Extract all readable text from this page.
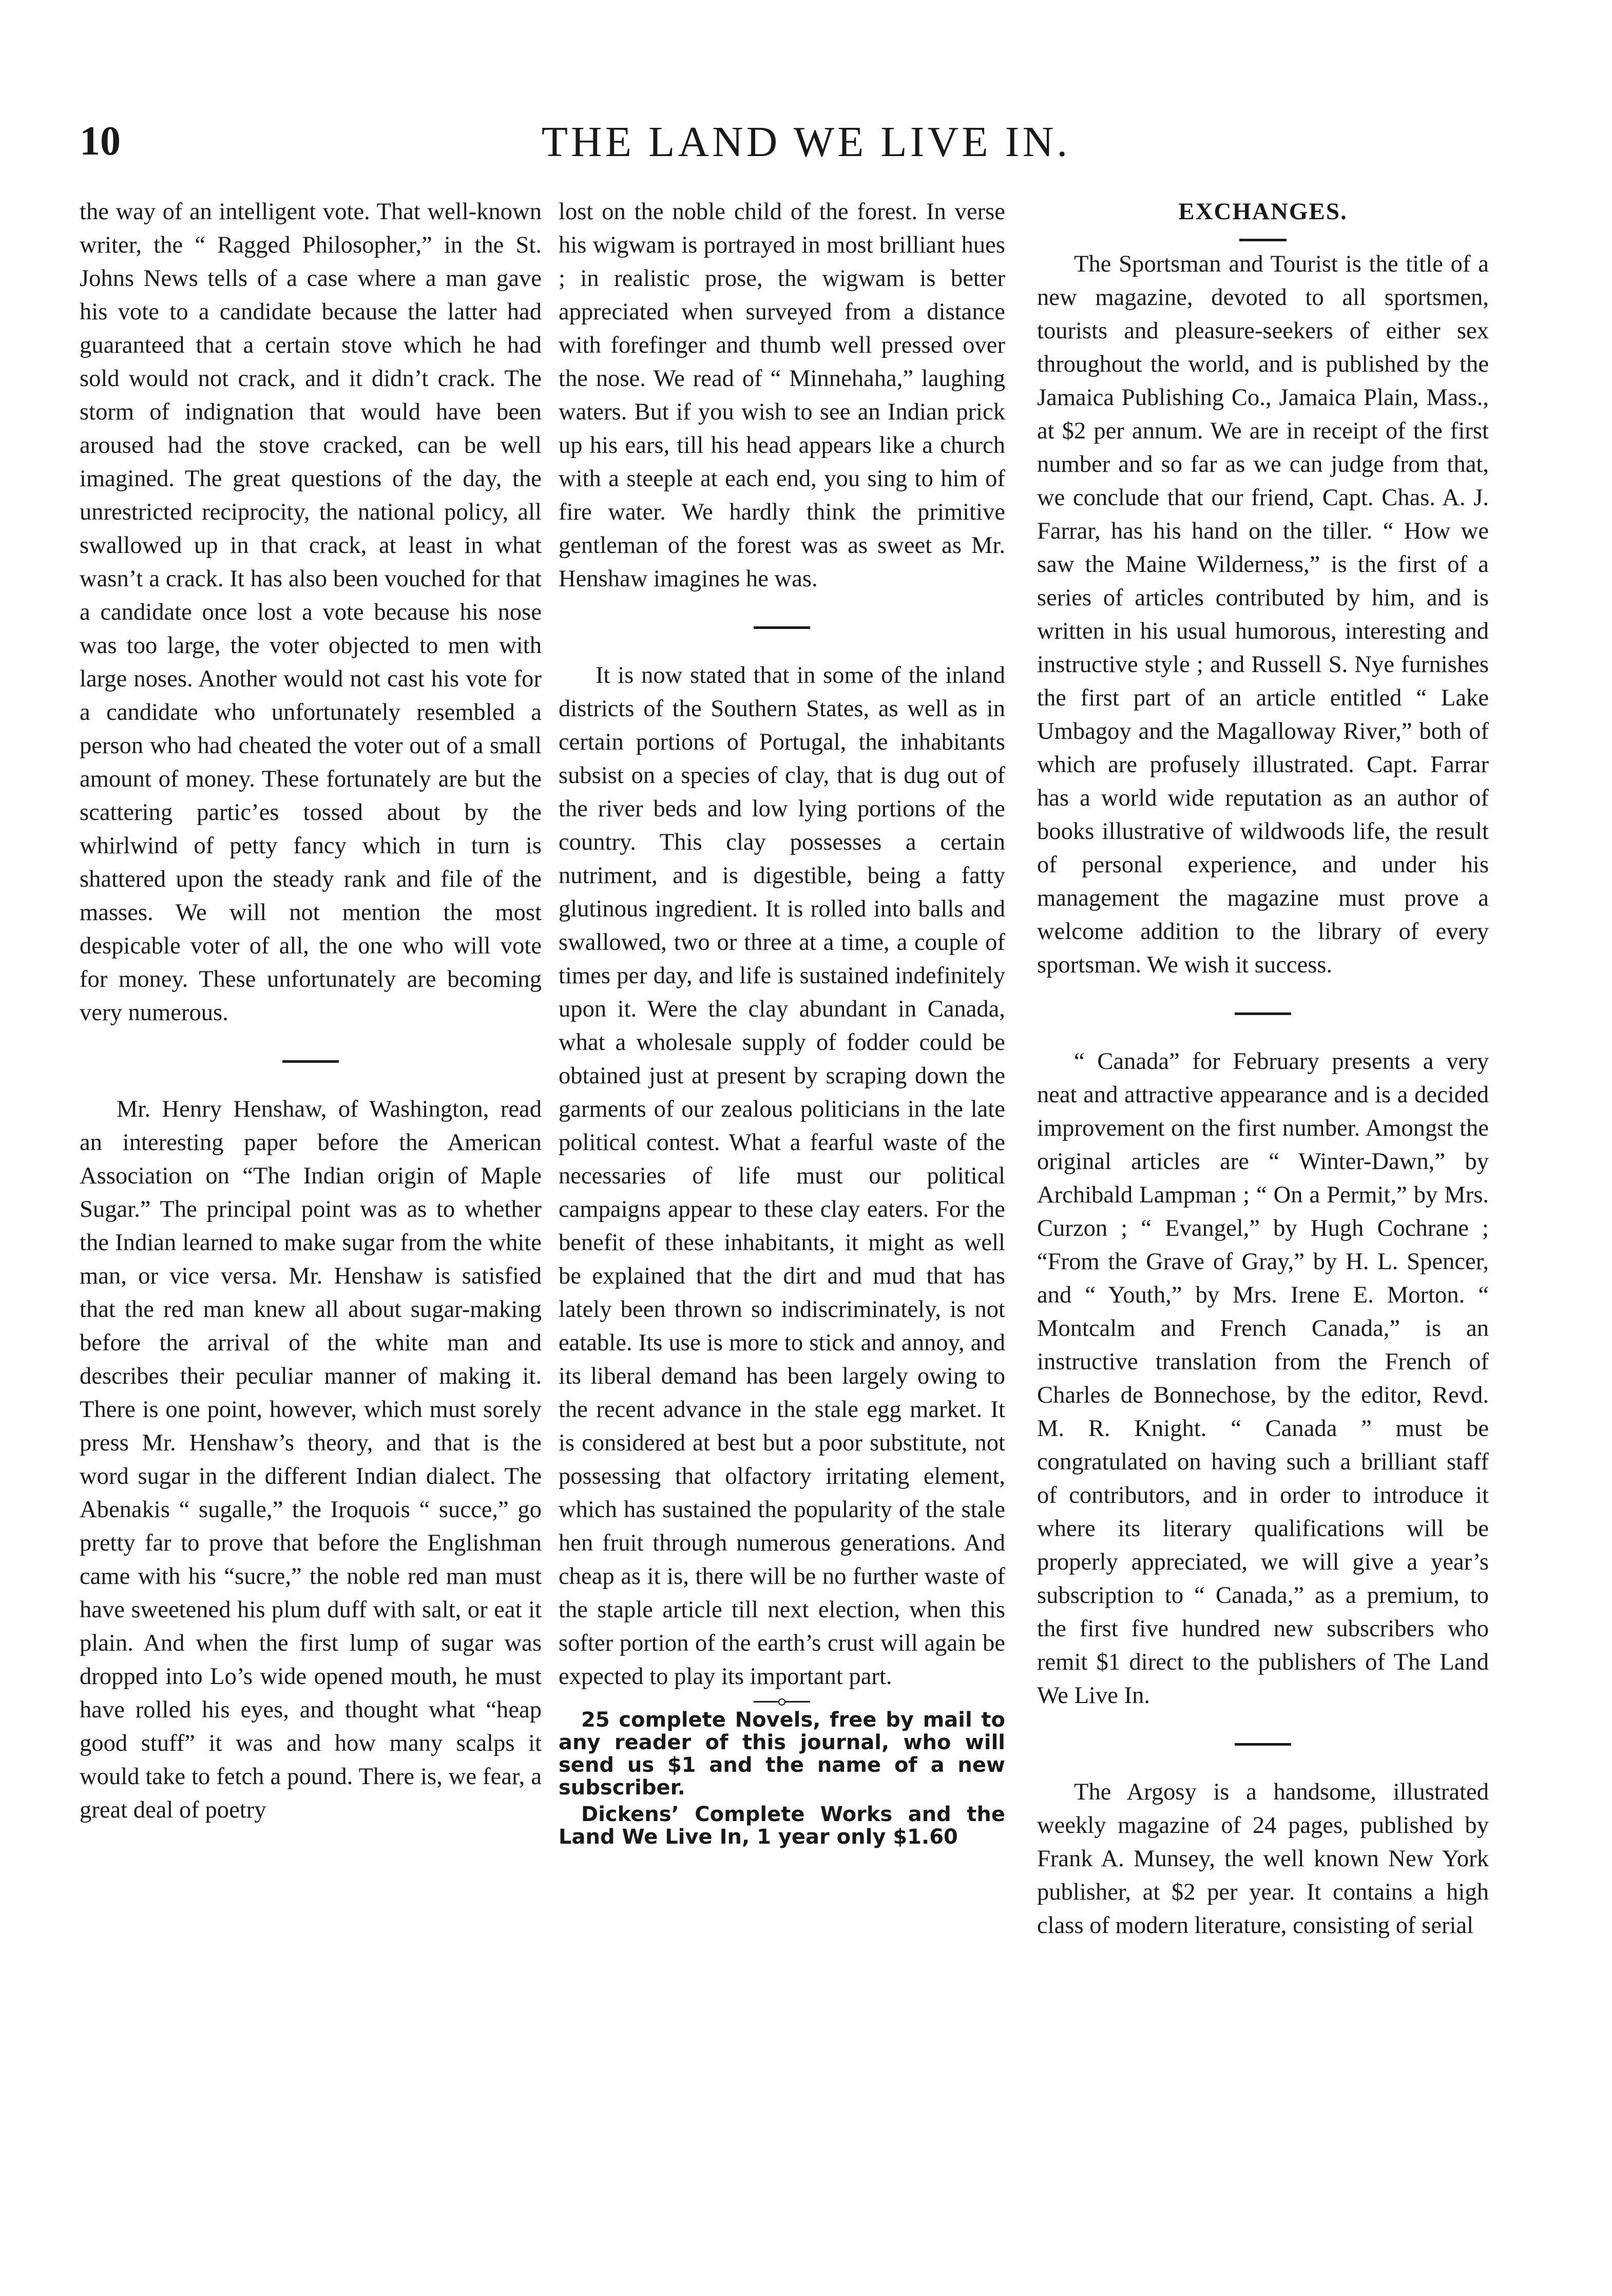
10	THE LAND WE LIVE IN.

the way of an intelligent vote. That well-known writer, the “ Ragged Philosopher,” in the St. Johns News tells of a case where a man gave his vote to a candidate because the latter had guaranteed that a certain stove which he had sold would not crack, and it didn’t crack. The storm of indignation that would have been aroused had the stove cracked, can be well imagined. The great questions of the day, the unrestricted reciprocity, the national policy, all swallowed up in that crack, at least in what wasn’t a crack. It has also been vouched for that a candidate once lost a vote because his nose was too large, the voter objected to men with large noses. Another would not cast his vote for a candidate who unfortunately resembled a person who had cheated the voter out of a small amount of money. These fortunately are but the scattering partic’es tossed about by the whirlwind of petty fancy which in turn is shattered upon the steady rank and file of the masses. We will not mention the most despicable voter of all, the one who will vote for money. These unfortunately are becoming very numerous.

Mr. Henry Henshaw, of Washington, read an interesting paper before the American Association on “The Indian origin of Maple Sugar.” The principal point was as to whether the Indian learned to make sugar from the white man, or vice versa. Mr. Henshaw is satisfied that the red man knew all about sugar-making before the arrival of the white man and describes their peculiar manner of making it. There is one point, however, which must sorely press Mr. Henshaw’s theory, and that is the word sugar in the different Indian dialect. The Abenakis “ sugalle,” the Iroquois “ succe,” go pretty far to prove that before the Englishman came with his “sucre,” the noble red man must have sweetened his plum duff with salt, or eat it plain. And when the first lump of sugar was dropped into Lo’s wide opened mouth, he must have rolled his eyes, and thought what “heap good stuff” it was and how many scalps it would take to fetch a pound. There is, we fear, a great deal of poetry

lost on the noble child of the forest. In verse his wigwam is portrayed in most brilliant hues ; in realistic prose, the wigwam is better appreciated when surveyed from a distance with forefinger and thumb well pressed over the nose. We read of “ Minnehaha,” laughing waters. But if you wish to see an Indian prick up his ears, till his head appears like a church with a steeple at each end, you sing to him of fire water. We hardly think the primitive gentleman of the forest was as sweet as Mr. Henshaw imagines he was.

It is now stated that in some of the inland districts of the Southern States, as well as in certain portions of Portugal, the inhabitants subsist on a species of clay, that is dug out of the river beds and low lying portions of the country. This clay possesses a certain nutriment, and is digestible, being a fatty glutinous ingredient. It is rolled into balls and swallowed, two or three at a time, a couple of times per day, and life is sustained indefinitely upon it. Were the clay abundant in Canada, what a wholesale supply of fodder could be obtained just at present by scraping down the garments of our zealous politicians in the late political contest. What a fearful waste of the necessaries of life must our political campaigns appear to these clay eaters. For the benefit of these inhabitants, it might as well be explained that the dirt and mud that has lately been thrown so indiscriminately, is not eatable. Its use is more to stick and annoy, and its liberal demand has been largely owing to the recent advance in the stale egg market. It is considered at best but a poor substitute, not possessing that olfactory irritating element, which has sustained the popularity of the stale hen fruit through numerous generations. And cheap as it is, there will be no further waste of the staple article till next election, when this softer portion of the earth’s crust will again be expected to play its important part.

25 complete Novels, free by mail to any reader of this journal, who will send us $1 and the name of a new subscriber.

Dickens’ Complete Works and the Land We Live In, 1 year only $1.60

EXCHANGES.

The Sportsman and Tourist is the title of a new magazine, devoted to all sportsmen, tourists and pleasure-seekers of either sex throughout the world, and is published by the Jamaica Publishing Co., Jamaica Plain, Mass., at $2 per annum. We are in receipt of the first number and so far as we can judge from that, we conclude that our friend, Capt. Chas. A. J. Farrar, has his hand on the tiller. “ How we saw the Maine Wilderness,” is the first of a series of articles contributed by him, and is written in his usual humorous, interesting and instructive style ; and Russell S. Nye furnishes the first part of an article entitled “ Lake Umbagoy and the Magalloway River,” both of which are profusely illustrated. Capt. Farrar has a world wide reputation as an author of books illustrative of wildwoods life, the result of personal experience, and under his management the magazine must prove a welcome addition to the library of every sportsman. We wish it success.

“ Canada” for February presents a very neat and attractive appearance and is a decided improvement on the first number. Amongst the original articles are “ Winter-Dawn,” by Archibald Lampman ; “ On a Permit,” by Mrs. Curzon ; “ Evangel,” by Hugh Cochrane ; “From the Grave of Gray,” by H. L. Spencer, and “ Youth,” by Mrs. Irene E. Morton. “ Montcalm and French Canada,” is an instructive translation from the French of Charles de Bonnechose, by the editor, Revd. M. R. Knight. “ Canada ” must be congratulated on having such a brilliant staff of contributors, and in order to introduce it where its literary qualifications will be properly appreciated, we will give a year’s subscription to “ Canada,” as a premium, to the first five hundred new subscribers who remit $1 direct to the publishers of The Land We Live In.

The Argosy is a handsome, illustrated weekly magazine of 24 pages, published by Frank A. Munsey, the well known New York publisher, at $2 per year. It contains a high class of modern literature, consisting of serial
